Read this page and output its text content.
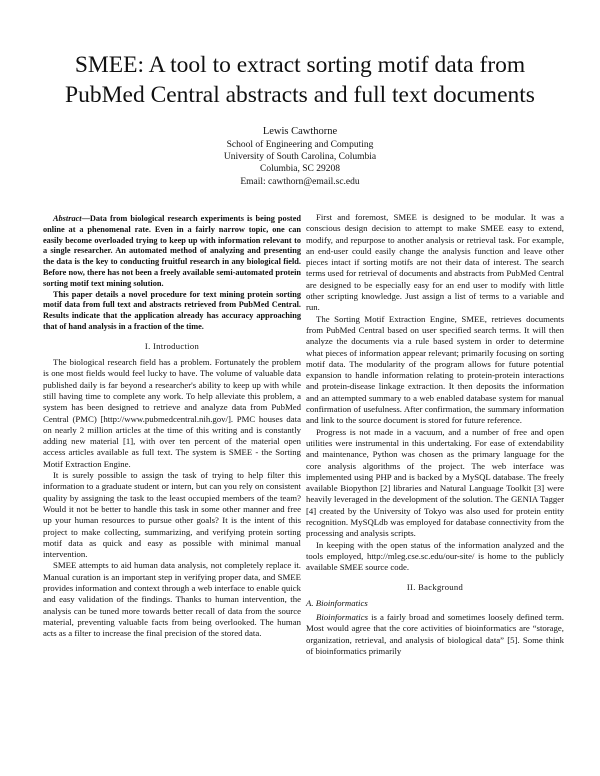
SMEE: A tool to extract sorting motif data from PubMed Central abstracts and full text documents
Lewis Cawthorne
School of Engineering and Computing
University of South Carolina, Columbia
Columbia, SC 29208
Email: cawthorn@email.sc.edu

Abstract—Data from biological research experiments is being posted online at a phenomenal rate. Even in a fairly narrow topic, one can easily become overloaded trying to keep up with information relevant to a single researcher. An automated method of analyzing and presenting the data is the key to conducting fruitful research in any biological field. Before now, there has not been a freely available semi-automated protein sorting motif text mining solution.

This paper details a novel procedure for text mining protein sorting motif data from full text and abstracts retrieved from PubMed Central. Results indicate that the application already has accuracy approaching that of hand analysis in a fraction of the time.

I. Introduction

The biological research field has a problem. Fortunately the problem is one most fields would feel lucky to have. The volume of valuable data published daily is far beyond a researcher's ability to keep up with while still having time to complete any work. To help alleviate this problem, a system has been designed to retrieve and analyze data from PubMed Central (PMC) [http://www.pubmedcentral.nih.gov/]. PMC houses data on nearly 2 million articles at the time of this writing and is constantly adding new material [1], with over ten percent of the material open access articles available as full text. The system is SMEE - the Sorting Motif Extraction Engine.

It is surely possible to assign the task of trying to help filter this information to a graduate student or intern, but can you rely on consistent quality by assigning the task to the least occupied members of the team? Would it not be better to handle this task in some other manner and free up your human resources to pursue other goals? It is the intent of this project to make collecting, summarizing, and verifying protein sorting motif data as quick and easy as possible with minimal manual intervention.

SMEE attempts to aid human data analysis, not completely replace it. Manual curation is an important step in verifying proper data, and SMEE provides information and context through a web interface to enable quick and easy validation of the findings. Thanks to human intervention, the analysis can be tuned more towards better recall of data from the source material, preventing valuable facts from being overlooked. The human acts as a filter to increase the final precision of the stored data.

First and foremost, SMEE is designed to be modular. It was a conscious design decision to attempt to make SMEE easy to extend, modify, and repurpose to another analysis or retrieval task. For example, an end-user could easily change the analysis function and leave other pieces intact if sorting motifs are not their data of interest. The search terms used for retrieval of documents and abstracts from PubMed Central are designed to be especially easy for an end user to modify with little other scripting knowledge. Just assign a list of terms to a variable and run.

The Sorting Motif Extraction Engine, SMEE, retrieves documents from PubMed Central based on user specified search terms. It will then analyze the documents via a rule based system in order to determine what pieces of information appear relevant; primarily focusing on sorting motif data. The modularity of the program allows for future potential expansion to handle information relating to protein-protein interactions and protein-disease linkage extraction. It then deposits the information and an attempted summary to a web enabled database system for manual confirmation of usefulness. After confirmation, the summary information and link to the source document is stored for future reference.

Progress is not made in a vacuum, and a number of free and open utilities were instrumental in this undertaking. For ease of extendability and maintenance, Python was chosen as the primary language for the core analysis algorithms of the project. The web interface was implemented using PHP and is backed by a MySQL database. The freely available Biopython [2] libraries and Natural Language Toolkit [3] were heavily leveraged in the development of the solution. The GENIA Tagger [4] created by the University of Tokyo was also used for protein entity recognition. MySQLdb was employed for database connectivity from the processing and analysis scripts.

In keeping with the open status of the information analyzed and the tools employed, http://mleg.cse.sc.edu/our-site/ is home to the publicly available SMEE source code.

II. Background
A. Bioinformatics

Bioinformatics is a fairly broad and sometimes loosely defined term. Most would agree that the core activities of bioinformatics are “storage, organization, retrieval, and analysis of biological data” [5]. Some think of bioinformatics primarily
